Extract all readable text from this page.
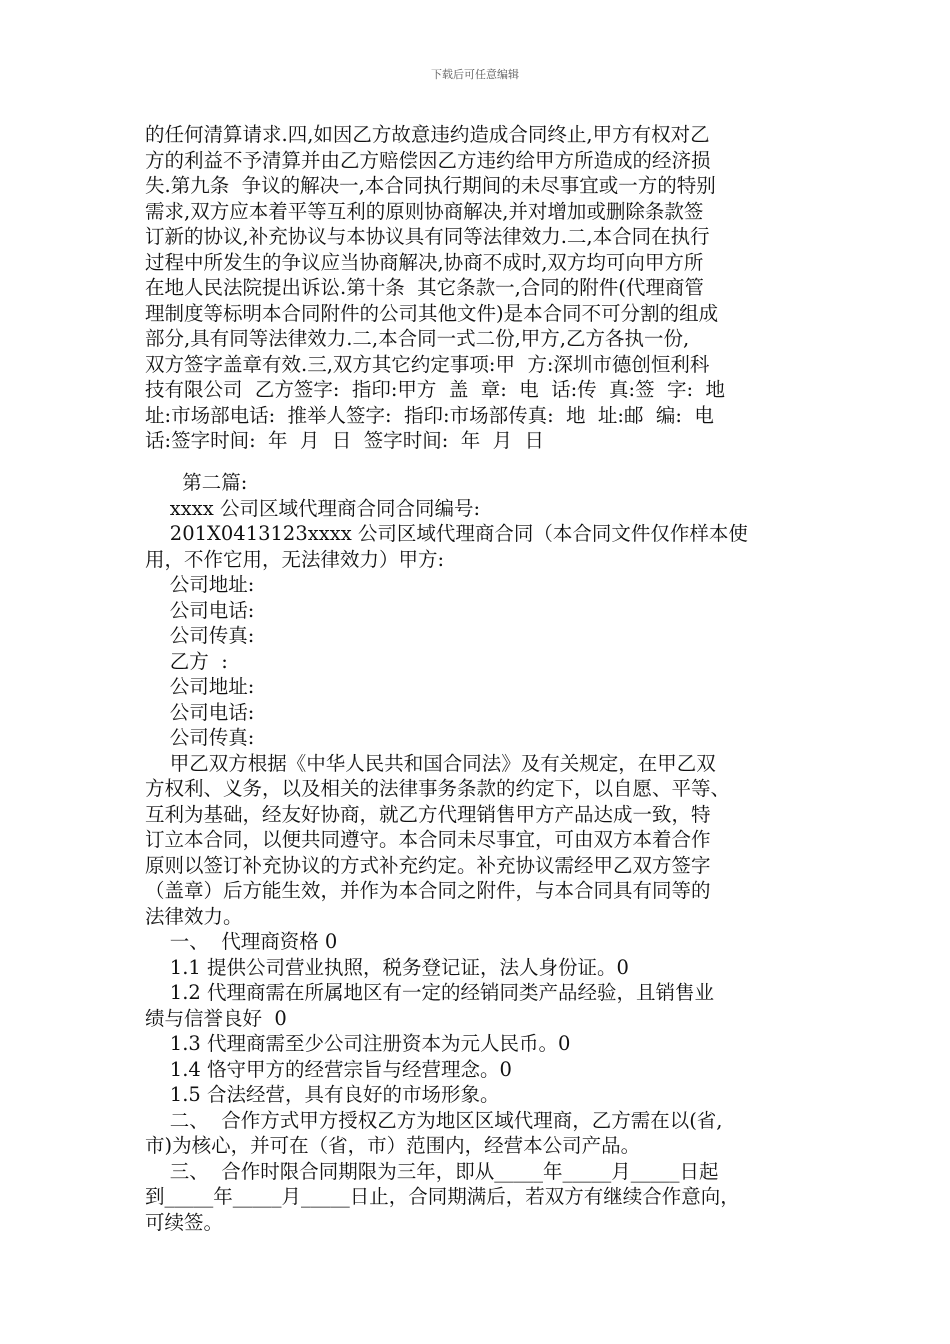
下载后可任意编辑
的任何清算请求.四,如因乙方故意违约造成合同终止,甲方有权对乙
方的利益不予清算并由乙方赔偿因乙方违约给甲方所造成的经济损
失.第九条  争议的解决一,本合同执行期间的未尽事宜或一方的特别
需求,双方应本着平等互利的原则协商解决,并对增加或删除条款签
订新的协议,补充协议与本协议具有同等法律效力.二,本合同在执行
过程中所发生的争议应当协商解决,协商不成时,双方均可向甲方所
在地人民法院提出诉讼.第十条  其它条款一,合同的附件(代理商管
理制度等标明本合同附件的公司其他文件)是本合同不可分割的组成
部分,具有同等法律效力.二,本合同一式二份,甲方,乙方各执一份,
双方签字盖章有效.三,双方其它约定事项:甲  方:深圳市德创恒利科
技有限公司  乙方签字:  指印:甲方  盖  章:  电  话:传  真:签  字:  地
址:市场部电话:  推举人签字:  指印:市场部传真:  地  址:邮  编:  电
话:签字时间:  年  月  日  签字时间:  年  月  日
第二篇:
xxxx 公司区域代理商合同合同编号:
201X0413123xxxx 公司区域代理商合同（本合同文件仅作样本使
用，不作它用，无法律效力）甲方:
公司地址:
公司电话:
公司传真:
乙方  :
公司地址:
公司电话:
公司传真:
甲乙双方根据《中华人民共和国合同法》及有关规定，在甲乙双
方权利、义务，以及相关的法律事务条款的约定下，以自愿、平等、
互利为基础，经友好协商，就乙方代理销售甲方产品达成一致，特
订立本合同，以便共同遵守。本合同未尽事宜，可由双方本着合作
原则以签订补充协议的方式补充约定。补充协议需经甲乙双方签字
（盖章）后方能生效，并作为本合同之附件，与本合同具有同等的
法律效力。
一、  代理商资格 0
1.1 提供公司营业执照，税务登记证，法人身份证。0
1.2 代理商需在所属地区有一定的经销同类产品经验，且销售业
绩与信誉良好  0
1.3 代理商需至少公司注册资本为元人民币。0
1.4 恪守甲方的经营宗旨与经营理念。0
1.5 合法经营，具有良好的市场形象。
二、  合作方式甲方授权乙方为地区区域代理商，乙方需在以(省,
市)为核心，并可在（省，市）范围内，经营本公司产品。
三、  合作时限合同期限为三年，即从_____年_____月_____日起
到_____年_____月_____日止，合同期满后，若双方有继续合作意向，
可续签。
